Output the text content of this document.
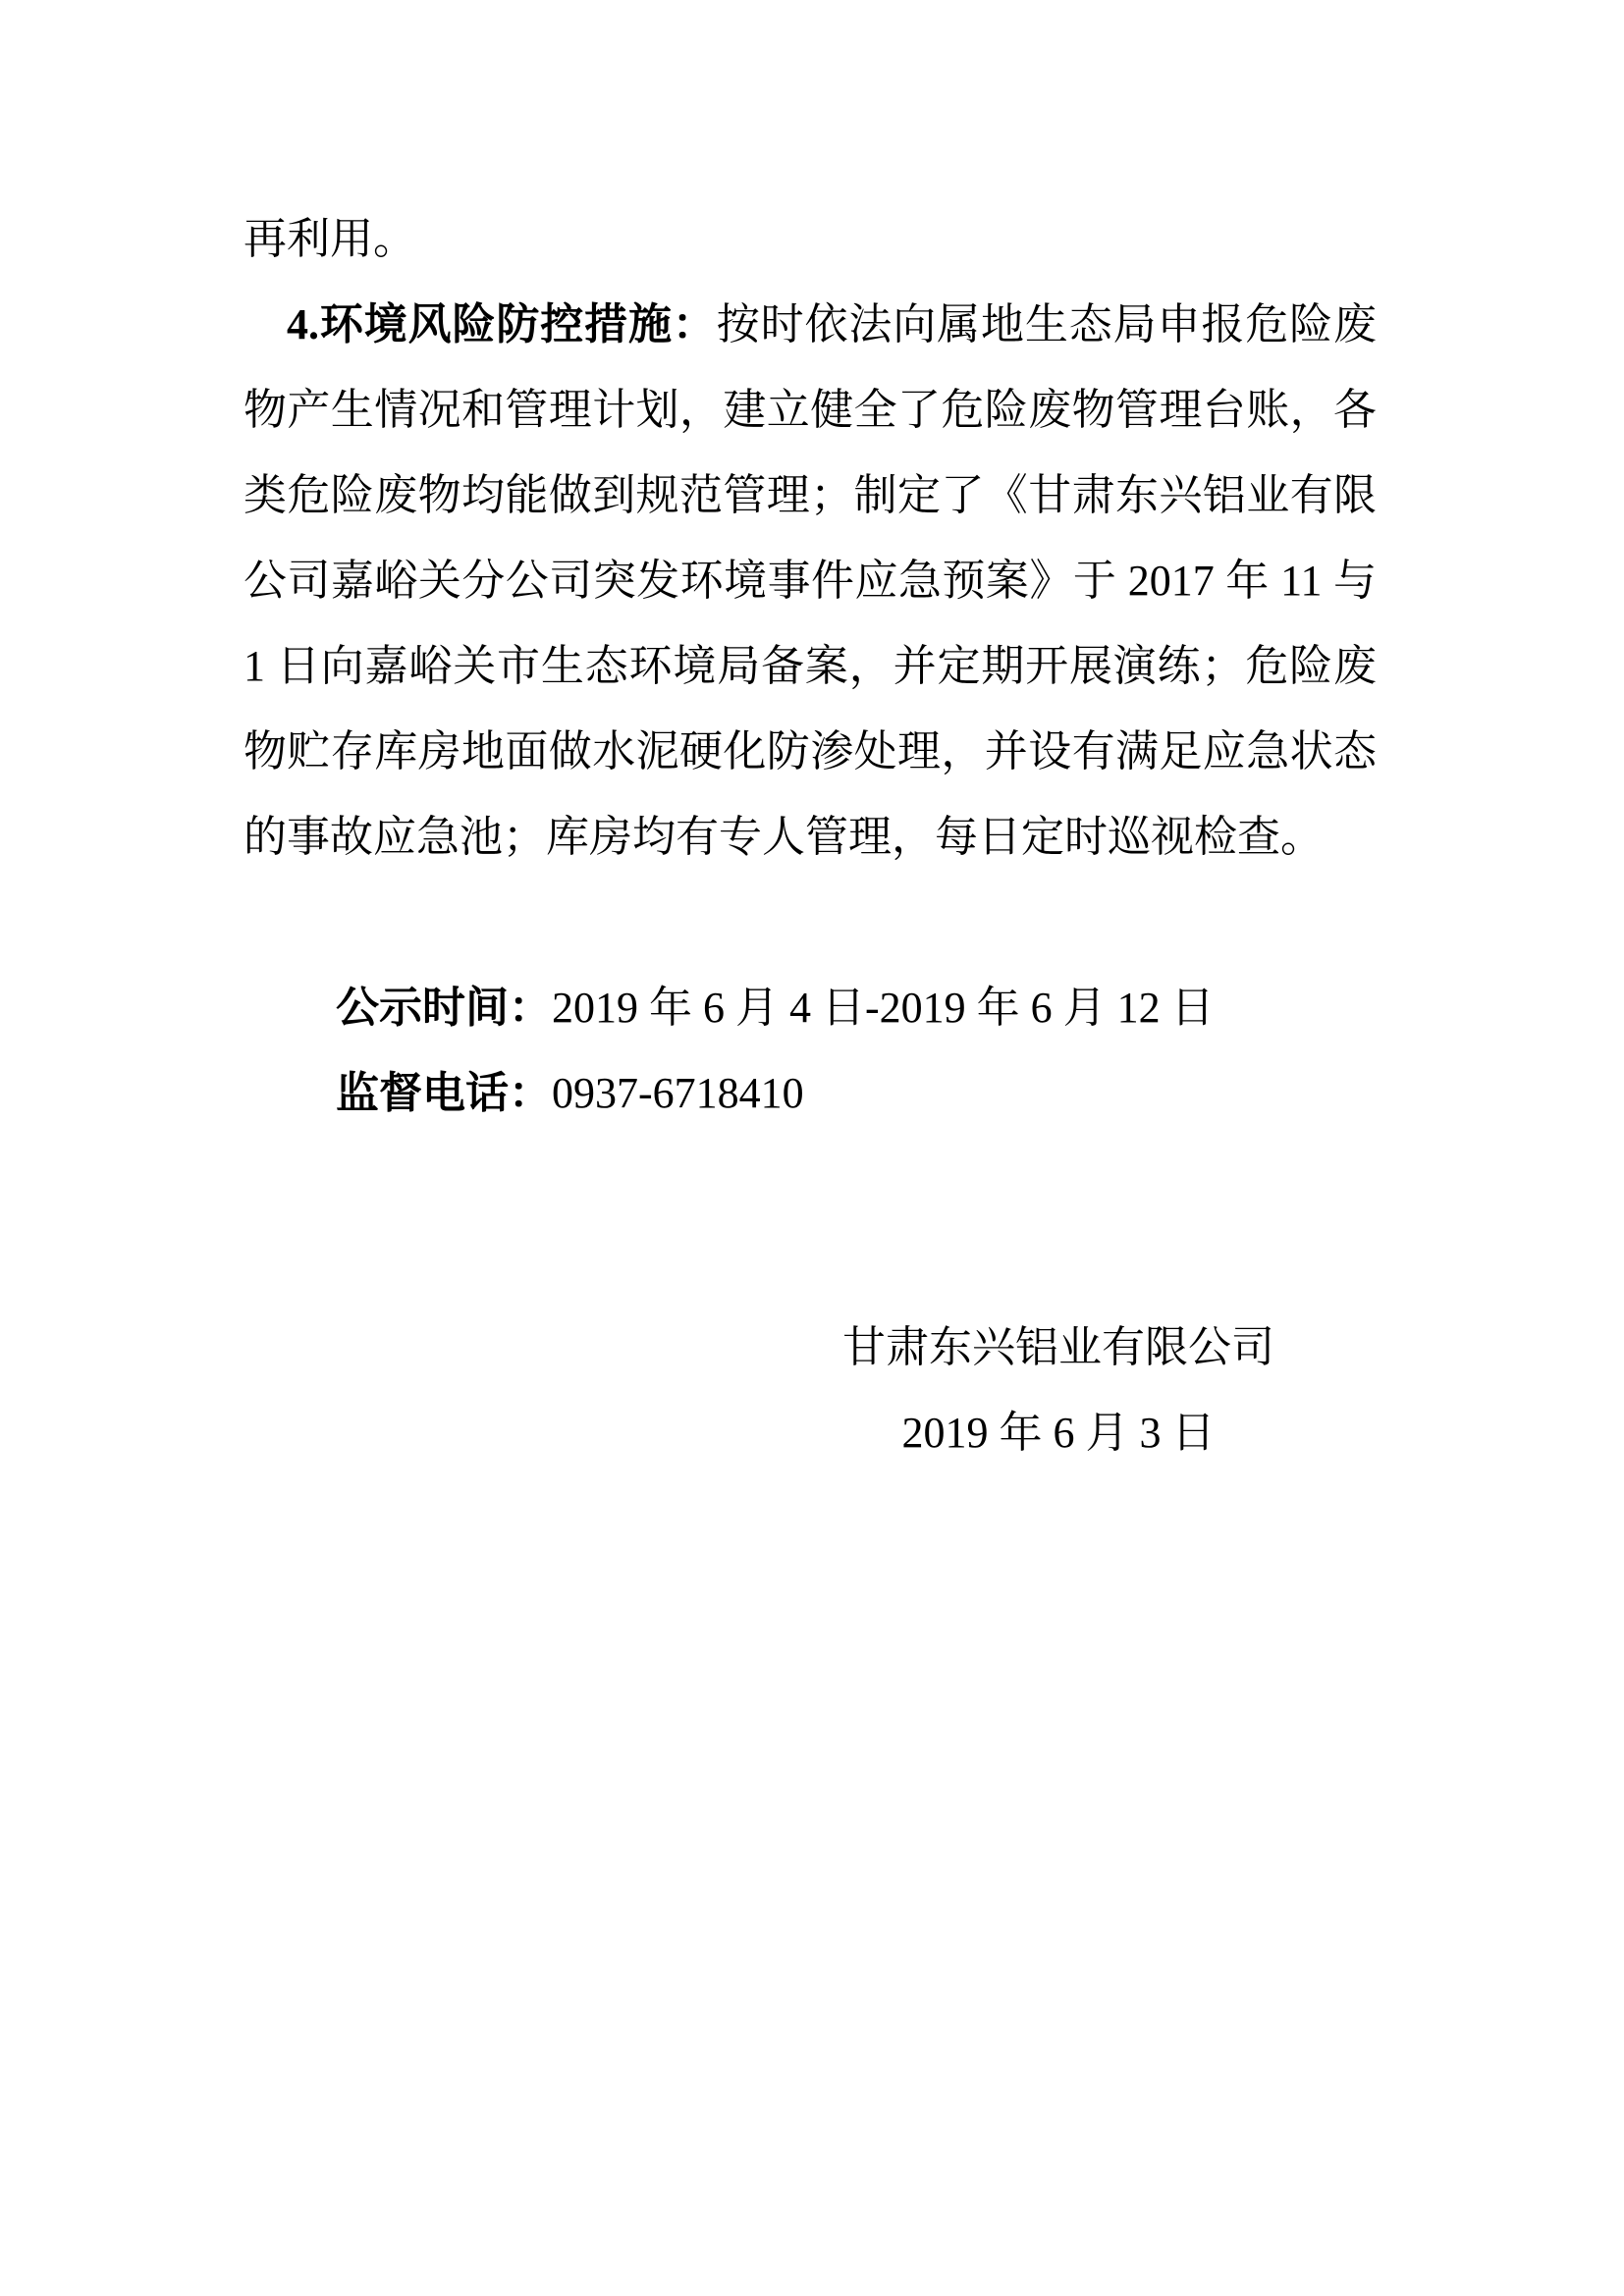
再利用。

4.环境风险防控措施：按时依法向属地生态局申报危险废物产生情况和管理计划，建立健全了危险废物管理台账，各类危险废物均能做到规范管理；制定了《甘肃东兴铝业有限公司嘉峪关分公司突发环境事件应急预案》于 2017 年 11 与 1 日向嘉峪关市生态环境局备案，并定期开展演练；危险废物贮存库房地面做水泥硬化防渗处理，并设有满足应急状态的事故应急池；库房均有专人管理，每日定时巡视检查。

公示时间：2019 年 6 月 4 日-2019 年 6 月 12 日

监督电话：0937-6718410

甘肃东兴铝业有限公司

2019 年 6 月 3 日
